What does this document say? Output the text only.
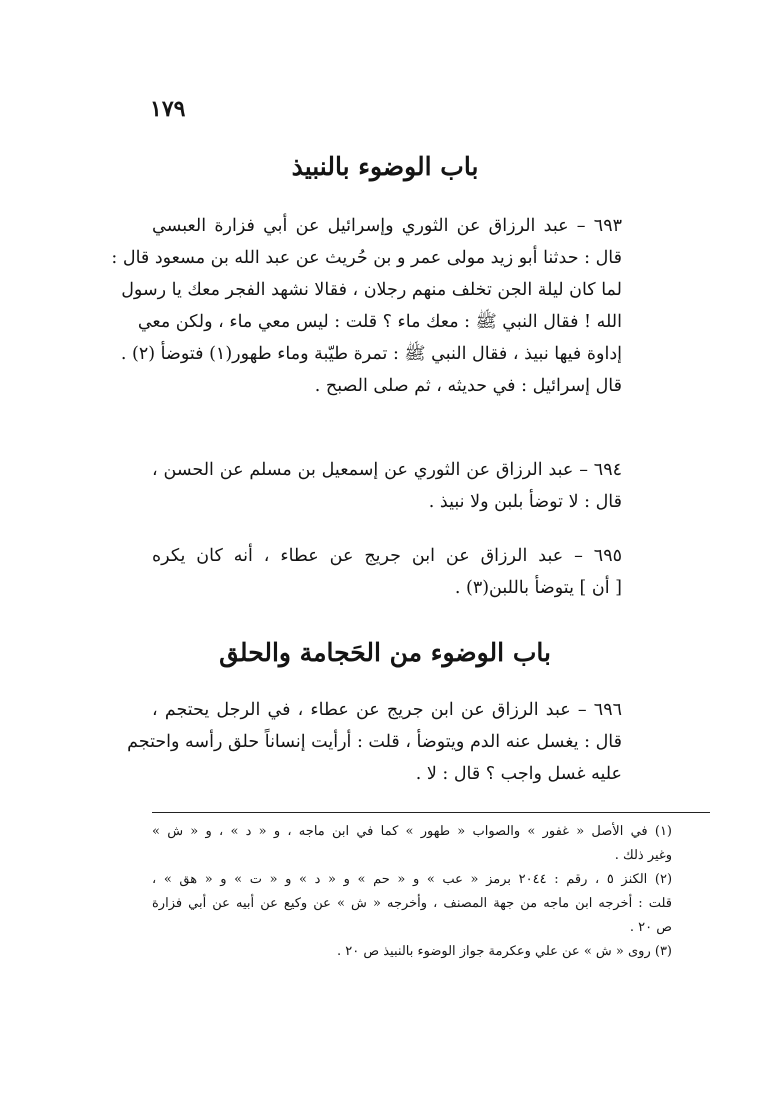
١٧٩
باب الوضوء بالنبيذ
٦٩٣ – عبد الرزاق عن الثوري وإسرائيل عن أبي فزارة العبسي
قال : حدثنا أبو زيد مولى عمر و بن حُريث عن عبد الله بن مسعود قال :
لما كان ليلة الجن تخلف منهم رجلان ، فقالا نشهد الفجر معك يا رسول
الله ! فقال النبي ﷺ : معك ماء ؟ قلت : ليس معي ماء ، ولكن معي
إداوة فيها نبيذ ، فقال النبي ﷺ : تمرة طيّبة وماء طهور(١) فتوضأ (٢) .
قال إسرائيل : في حديثه ، ثم صلى الصبح .
٦٩٤ – عبد الرزاق عن الثوري عن إسمعيل بن مسلم عن الحسن ،
قال : لا توضأ بلبن ولا نبيذ .
٦٩٥ – عبد الرزاق عن ابن جريج عن عطاء ، أنه كان يكره
[ أن ] يتوضأ باللبن(٣) .
باب الوضوء من الحَجامة والحلق
٦٩٦ – عبد الرزاق عن ابن جريج عن عطاء ، في الرجل يحتجم ،
قال : يغسل عنه الدم ويتوضأ ، قلت : أرأيت إنساناً حلق رأسه واحتجم
عليه غسل واجب ؟ قال : لا .
(١) في الأصل « غفور » والصواب « طهور » كما في ابن ماجه ، و « د » ، و « ش »
وغير ذلك .
(٢) الكنز ٥ ، رقم : ٢٠٤٤ برمز « عب » و « حم » و « د » و « ت » و « هق » ،
قلت : أخرجه ابن ماجه من جهة المصنف ، وأخرجه « ش » عن وكيع عن أبيه عن أبي فزارة
ص ٢٠ .
(٣) روى « ش » عن علي وعكرمة جواز الوضوء بالنبيذ ص ٢٠ .
